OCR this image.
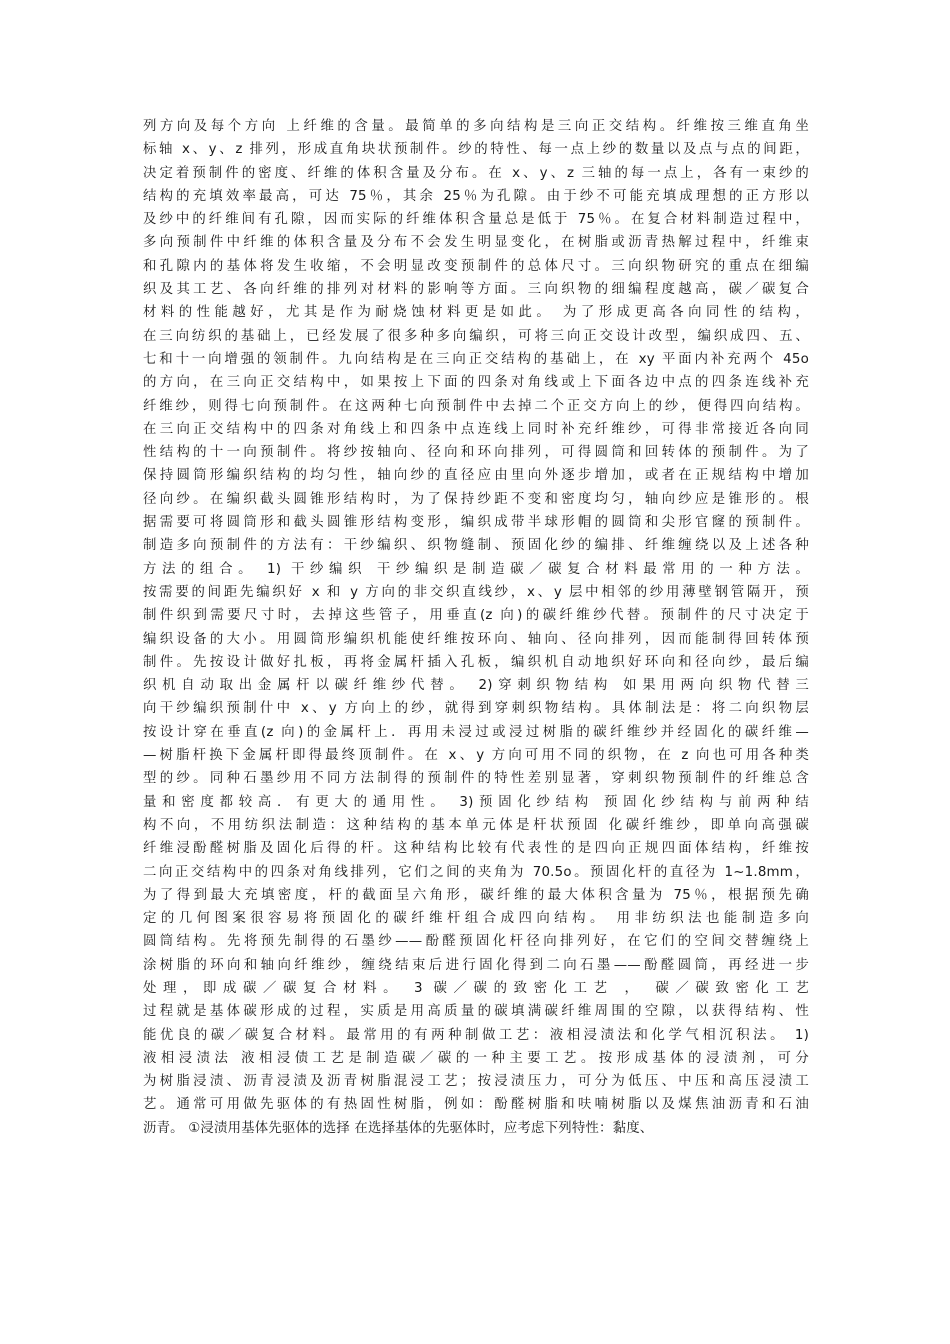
列方向及每个方向 上纤维的含量。最简单的多向结构是三向正交结构。纤维按三维直角坐
标轴 x、y、z 排列，形成直角块状预制件。纱的特性、每一点上纱的数量以及点与点的间距，
决定着预制件的密度、纤维的体积含量及分布。在 x、y、z 三轴的每一点上，各有一束纱的
结构的充填效率最高，可达 75％，其余 25％为孔隙。由于纱不可能充填成理想的正方形以
及纱中的纤维间有孔隙，因而实际的纤维体积含量总是低于 75％。在复合材料制造过程中，
多向预制件中纤维的体积含量及分布不会发生明显变化，在树脂或沥青热解过程中，纤维束
和孔隙内的基体将发生收缩，不会明显改变预制件的总体尺寸。三向织物研究的重点在细编
织及其工艺、各向纤维的排列对材料的影响等方面。三向织物的细编程度越高，碳／碳复合
材料的性能越好，尤其是作为耐烧蚀材料更是如此。 为了形成更高各向同性的结构，
在三向纺织的基础上，已经发展了很多种多向编织，可将三向正交设计改型，编织成四、五、
七和十一向增强的领制件。九向结构是在三向正交结构的基础上，在 xy 平面内补充两个 45o
的方向，在三向正交结构中，如果按上下面的四条对角线或上下面各边中点的四条连线补充
纤维纱，则得七向预制件。在这两种七向预制件中去掉二个正交方向上的纱，便得四向结构。
在三向正交结构中的四条对角线上和四条中点连线上同时补充纤维纱，可得非常接近各向同
性结构的十一向预制件。将纱按轴向、径向和环向排列，可得圆筒和回转体的预制件。为了
保持圆筒形编织结构的均匀性，轴向纱的直径应由里向外逐步增加，或者在正规结构中增加
径向纱。在编织截头圆锥形结构时，为了保持纱距不变和密度均匀，轴向纱应是锥形的。根
据需要可将圆筒形和截头圆锥形结构变形，编织成带半球形帽的圆筒和尖形官窿的预制件。
制造多向预制件的方法有：干纱编织、织物缝制、预固化纱的编排、纤维缠绕以及上述各种
方法的组合。 1) 干纱编织 干纱编织是制造碳／碳复合材料最常用的一种方法。
按需要的间距先编织好 x 和 y 方向的非交织直线纱，x、y 层中相邻的纱用薄壁钢管隔开，预
制件织到需要尺寸时，去掉这些管子，用垂直(z 向)的碳纤维纱代替。预制件的尺寸决定于
编织设备的大小。用圆筒形编织机能使纤维按环向、轴向、径向排列，因而能制得回转体预
制件。先按设计做好扎板，再将金属杆插入孔板，编织机自动地织好环向和径向纱，最后编
织机自动取出金属杆以碳纤维纱代替。 2)穿刺织物结构 如果用两向织物代替三
向干纱编织预制什中 x、y 方向上的纱，就得到穿刺织物结构。具体制法是：将二向织物层
按设计穿在垂直(z 向)的金属杆上．再用未浸过或浸过树脂的碳纤维纱并经固化的碳纤维—
—树脂杆换下金属杆即得最终顶制件。在 x、y 方向可用不同的织物，在 z 向也可用各种类
型的纱。同种石墨纱用不同方法制得的预制件的特性差别显著，穿刺织物预制件的纤维总含
量和密度都较高．有更大的通用性。 3)预固化纱结构 预固化纱结构与前两种结
构不向，不用纺织法制造：这种结构的基本单元体是杆状预固 化碳纤维纱，即单向高强碳
纤维浸酚醛树脂及固化后得的杆。这种结构比较有代表性的是四向正规四面体结构，纤维按
二向正交结构中的四条对角线排列，它们之间的夹角为 70.5o。预固化杆的直径为 1~1.8mm，
为了得到最大充填密度，杆的截面呈六角形，碳纤维的最大体积含量为 75％，根据预先确
定的几何图案很容易将预固化的碳纤维杆组合成四向结构。 用非纺织法也能制造多向
圆筒结构。先将预先制得的石墨纱——酚醛预固化杆径向排列好，在它们的空间交替缠绕上
涂树脂的环向和轴向纤维纱，缠绕结束后进行固化得到二向石墨——酚醛圆筒，再经进一步
处理，即成碳／碳复合材料。 3 碳／碳的致密化工艺 ， 碳／碳致密化工艺
过程就是基体碳形成的过程，实质是用高质量的碳填满碳纤维周围的空隙，以获得结构、性
能优良的碳／碳复合材料。最常用的有两种制做工艺：液相浸渍法和化学气相沉积法。 1)
液相浸渍法 液相浸债工艺是制造碳／碳的一种主要工艺。按形成基体的浸渍剂，可分
为树脂浸渍、沥青浸渍及沥青树脂混浸工艺；按浸渍压力，可分为低压、中压和高压浸渍工
艺。通常可用做先驱体的有热固性树脂，例如：酚醛树脂和呋喃树脂以及煤焦油沥青和石油
沥青。 ①浸渍用基体先驱体的选择 在选择基体的先驱体时，应考虑下列特性：黏度、
